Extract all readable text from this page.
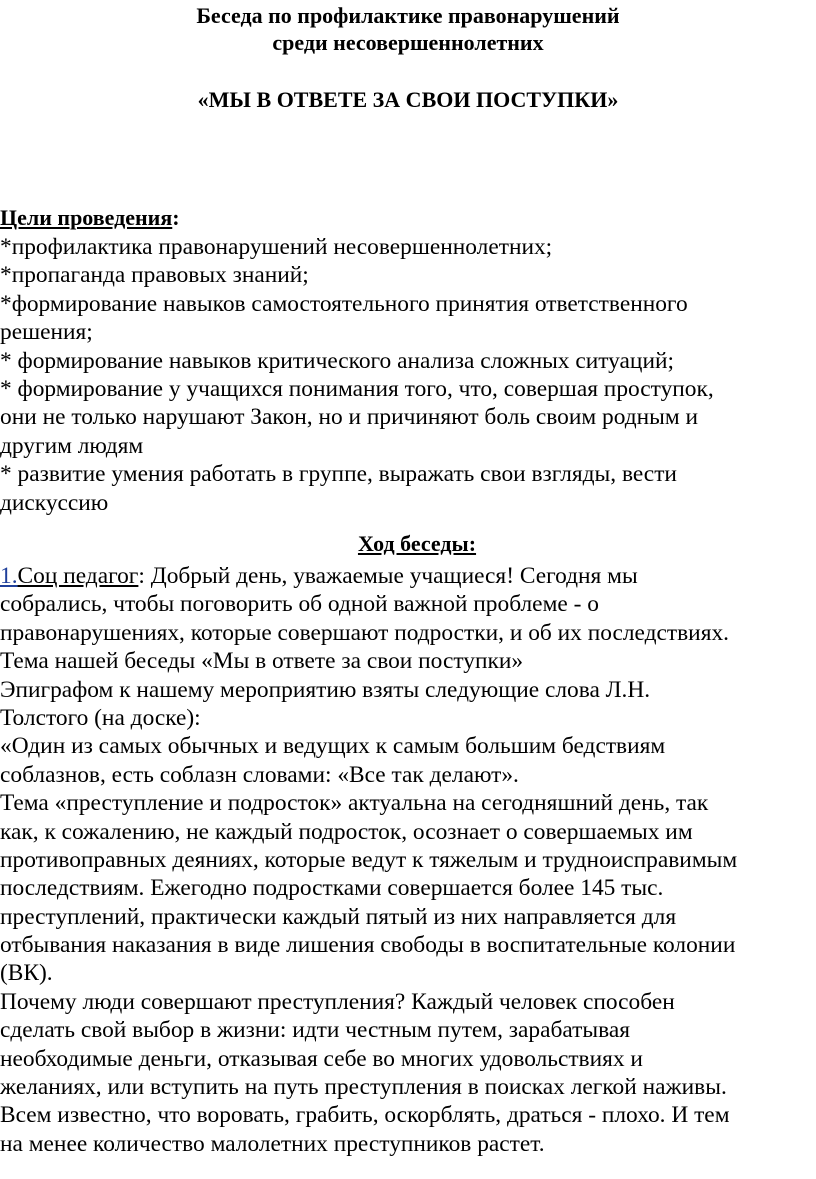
Беседа по профилактике правонарушений
среди несовершеннолетних
«МЫ В ОТВЕТЕ ЗА СВОИ ПОСТУПКИ»
Цели проведения:
*профилактика правонарушений несовершеннолетних;
*пропаганда правовых знаний;
*формирование навыков самостоятельного принятия ответственного
решения;
* формирование навыков критического анализа сложных ситуаций;
* формирование у учащихся понимания того, что, совершая проступок,
они не только нарушают Закон, но и причиняют боль своим родным и
другим людям
* развитие умения работать в группе, выражать свои взгляды, вести
дискуссию
Ход беседы:
1.Соц педагог: Добрый день, уважаемые учащиеся! Сегодня мы
собрались, чтобы поговорить об одной важной проблеме - о
правонарушениях, которые совершают подростки, и об их последствиях.
Тема нашей беседы «Мы в ответе за свои поступки»
Эпиграфом к нашему мероприятию взяты следующие слова Л.Н.
Толстого (на доске):
«Один из самых обычных и ведущих к самым большим бедствиям
соблазнов, есть соблазн словами: «Все так делают».
Тема «преступление и подросток» актуальна на сегодняшний день, так
как, к сожалению, не каждый подросток, осознает о совершаемых им
противоправных деяниях, которые ведут к тяжелым и трудноисправимым
последствиям. Ежегодно подростками совершается более 145 тыс.
преступлений, практически каждый пятый из них направляется для
отбывания наказания в виде лишения свободы в воспитательные колонии
(ВК).
Почему люди совершают преступления? Каждый человек способен
сделать свой выбор в жизни: идти честным путем, зарабатывая
необходимые деньги, отказывая себе во многих удовольствиях и
желаниях, или вступить на путь преступления в поисках легкой наживы.
Всем известно, что воровать, грабить, оскорблять, драться - плохо. И тем
на менее количество малолетних преступников растет.
